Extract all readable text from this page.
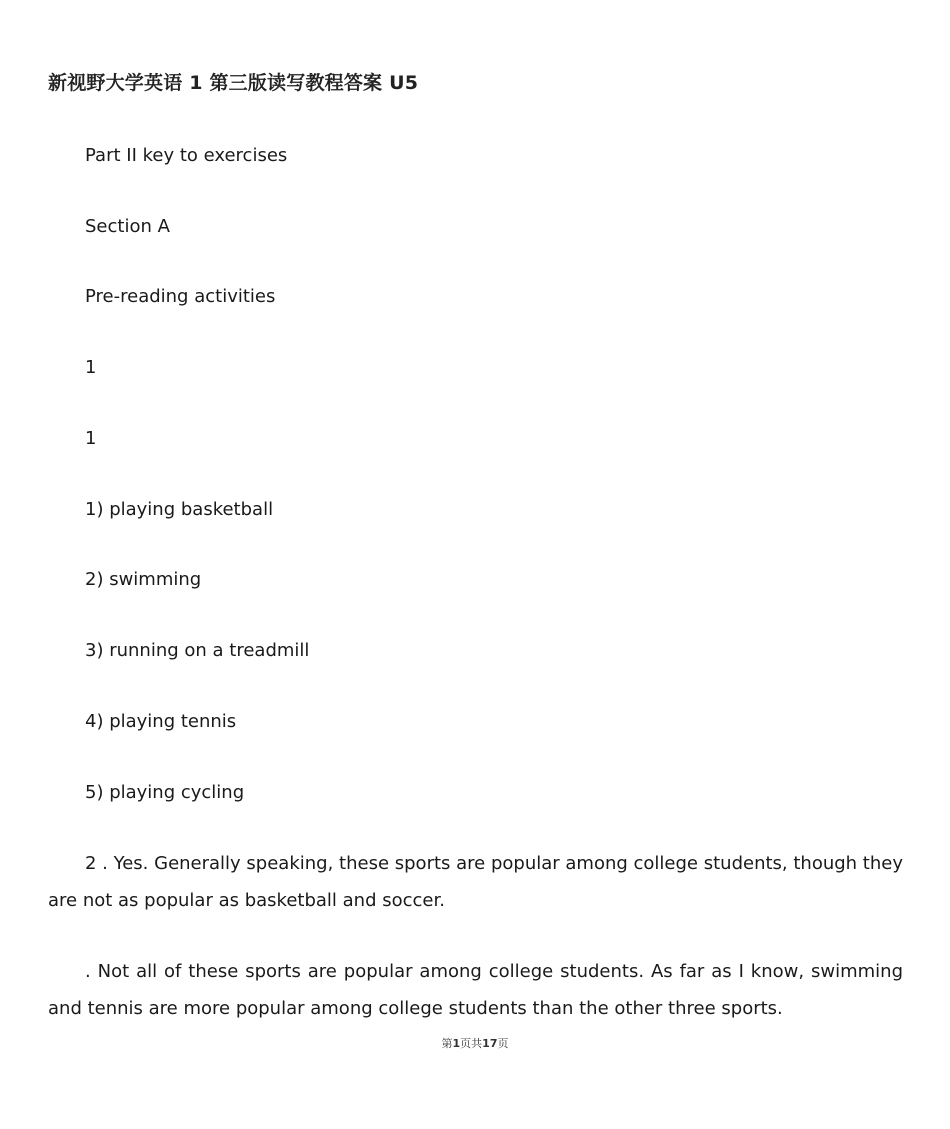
新视野大学英语 1 第三版读写教程答案 U5
Part II key to exercises
Section A
Pre-reading activities
1
1
1) playing basketball
2) swimming
3) running on a treadmill
4) playing tennis
5) playing cycling
2 . Yes. Generally speaking, these sports are popular among college students, though they are not as popular as basketball and soccer.
. Not all of these sports are popular among college students. As far as I know, swimming and tennis are more popular among college students than the other three sports.
第1页共17页
